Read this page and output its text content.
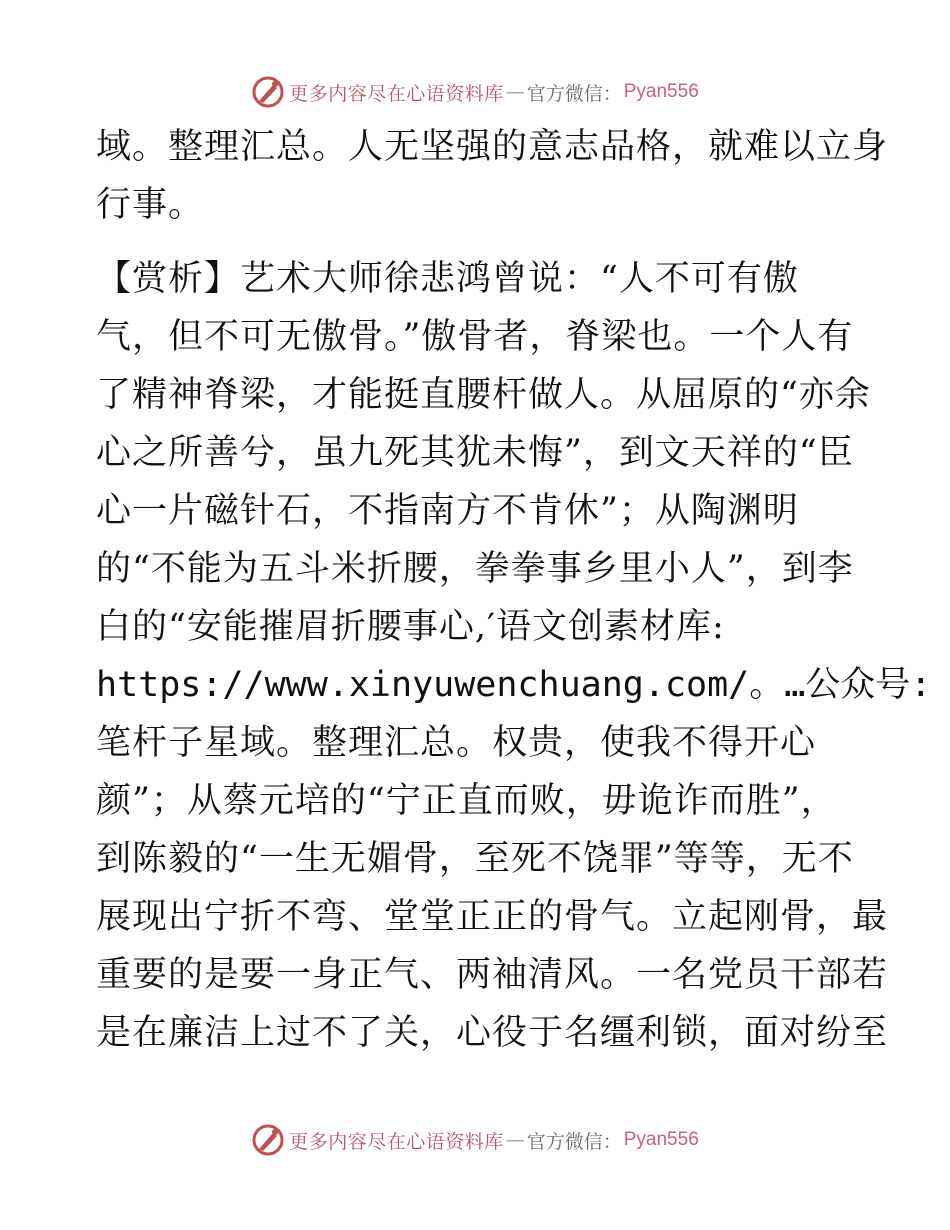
更多内容尽在心语资料库 — 官方微信： Pyan556
域。整理汇总。人无坚强的意志品格，就难以立身
行事。
【赏析】艺术大师徐悲鸿曾说：“人不可有傲
气，但不可无傲骨。”傲骨者，脊梁也。一个人有
了精神脊梁，才能挺直腰杆做人。从屈原的“亦余
心之所善兮，虽九死其犹未悔”，到文天祥的“臣
心一片磁针石，不指南方不肯休”；从陶渊明
的“不能为五斗米折腰，拳拳事乡里小人”，到李
白的“安能摧眉折腰事心,′语文创素材库:
https://www.xinyuwenchuang.com/。…公众号:
笔杆子星域。整理汇总。权贵，使我不得开心
颜”；从蔡元培的“宁正直而败，毋诡诈而胜”，
到陈毅的“一生无媚骨，至死不饶罪”等等，无不
展现出宁折不弯、堂堂正正的骨气。立起刚骨，最
重要的是要一身正气、两袖清风。一名党员干部若
是在廉洁上过不了关，心役于名缰利锁，面对纷至
更多内容尽在心语资料库 — 官方微信： Pyan556
